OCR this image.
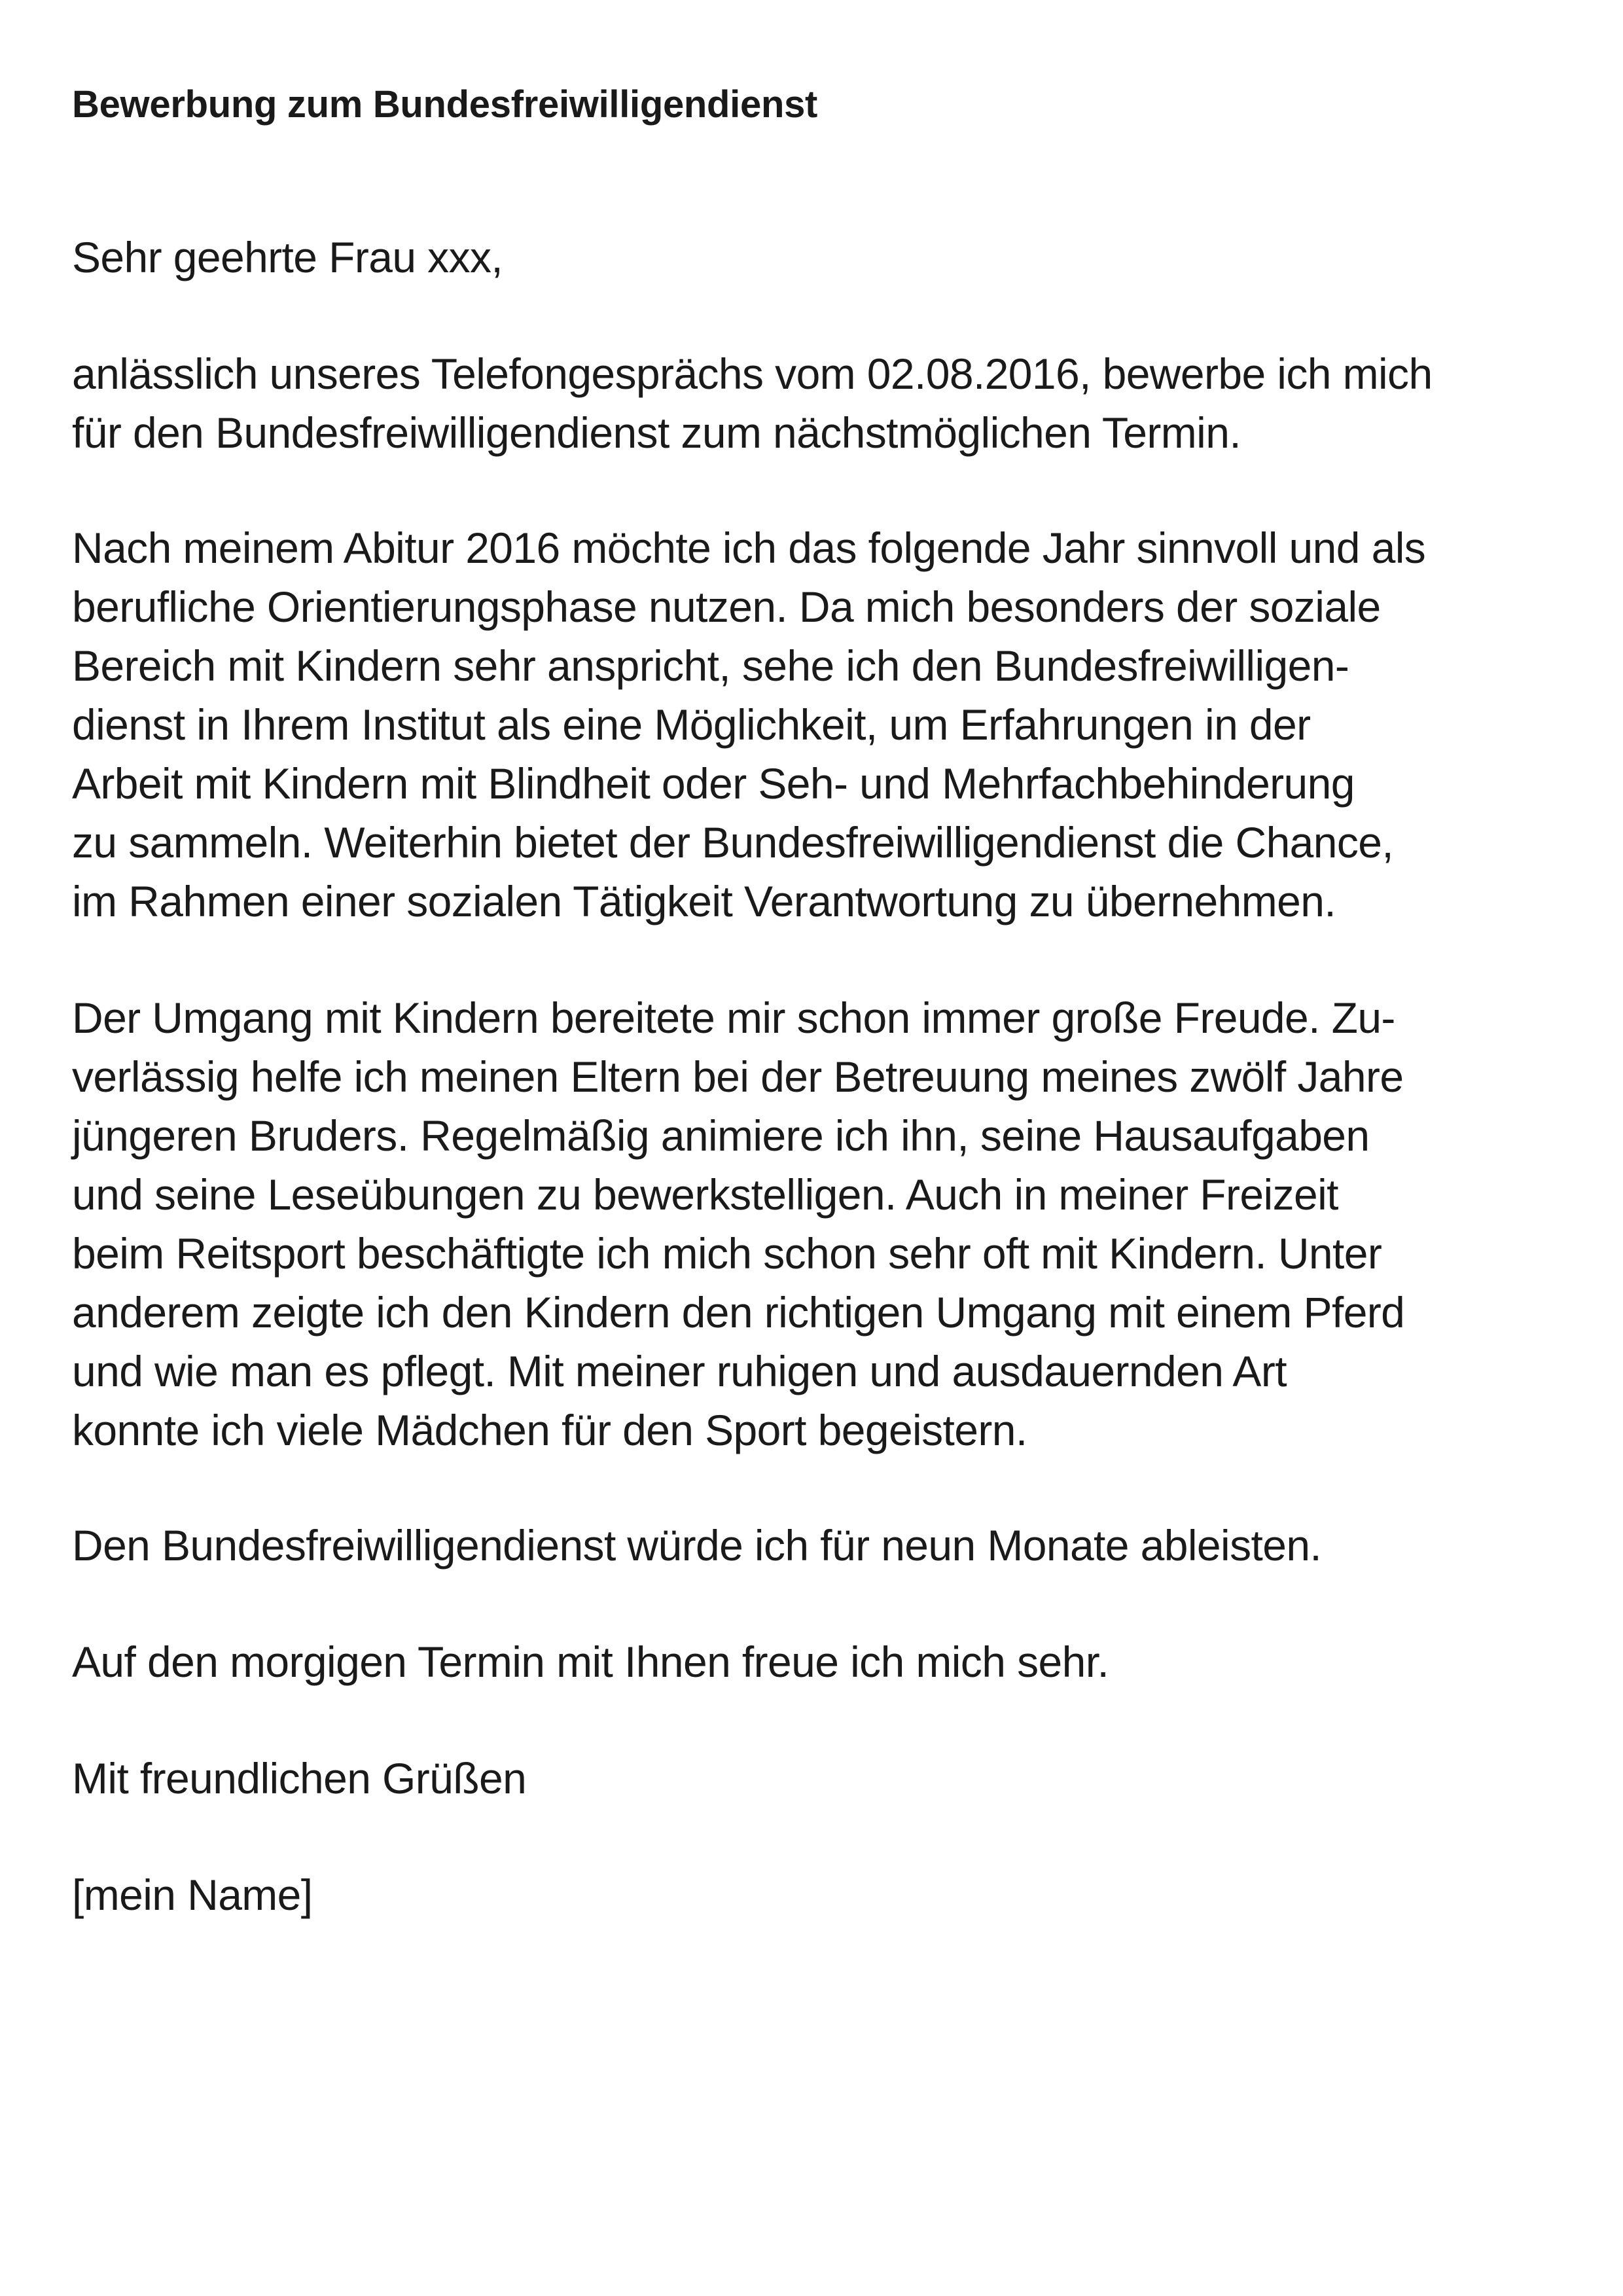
Bewerbung zum Bundesfreiwilligendienst

Sehr geehrte Frau xxx,

anlässlich unseres Telefongesprächs vom 02.08.2016, bewerbe ich mich
für den Bundesfreiwilligendienst zum nächstmöglichen Termin.

Nach meinem Abitur 2016 möchte ich das folgende Jahr sinnvoll und als
berufliche Orientierungsphase nutzen. Da mich besonders der soziale
Bereich mit Kindern sehr anspricht, sehe ich den Bundesfreiwilligen-
dienst in Ihrem Institut als eine Möglichkeit, um Erfahrungen in der
Arbeit mit Kindern mit Blindheit oder Seh- und Mehrfachbehinderung
zu sammeln. Weiterhin bietet der Bundesfreiwilligendienst die Chance,
im Rahmen einer sozialen Tätigkeit Verantwortung zu übernehmen.

Der Umgang mit Kindern bereitete mir schon immer große Freude. Zu-
verlässig helfe ich meinen Eltern bei der Betreuung meines zwölf Jahre
jüngeren Bruders. Regelmäßig animiere ich ihn, seine Hausaufgaben
und seine Leseübungen zu bewerkstelligen. Auch in meiner Freizeit
beim Reitsport beschäftigte ich mich schon sehr oft mit Kindern. Unter
anderem zeigte ich den Kindern den richtigen Umgang mit einem Pferd
und wie man es pflegt. Mit meiner ruhigen und ausdauernden Art
konnte ich viele Mädchen für den Sport begeistern.

Den Bundesfreiwilligendienst würde ich für neun Monate ableisten.

Auf den morgigen Termin mit Ihnen freue ich mich sehr.

Mit freundlichen Grüßen

[mein Name]
